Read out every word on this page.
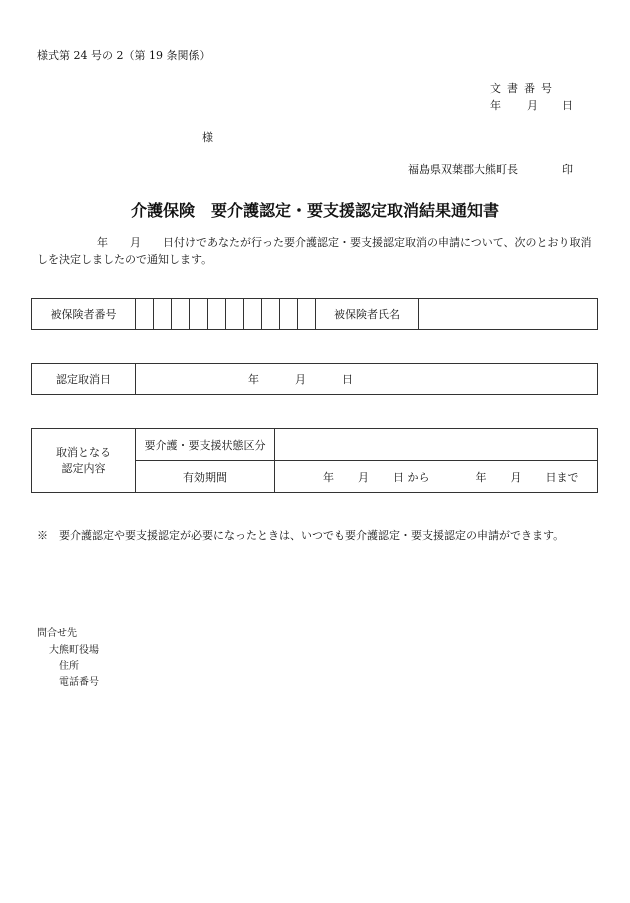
様式第 24 号の 2（第 19 条関係）
文書番号
年 月 日
様
福島県双葉郡大熊町長	印
介護保険　要介護認定・要支援認定取消結果通知書
年 月 日付けであなたが行った要介護認定・要支援認定取消の申請について、次のとおり取消しを決定しましたので通知します。
被保険者番号											被保険者氏名	
認定取消日	年	月	日
取消となる
認定内容	要介護・要支援状態区分	
	有効期間	年 月 日 から 年 月 日まで
※　要介護認定や要支援認定が必要になったときは、いつでも要介護認定・要支援認定の申請ができます。
問合せ先
大熊町役場
住所
電話番号
